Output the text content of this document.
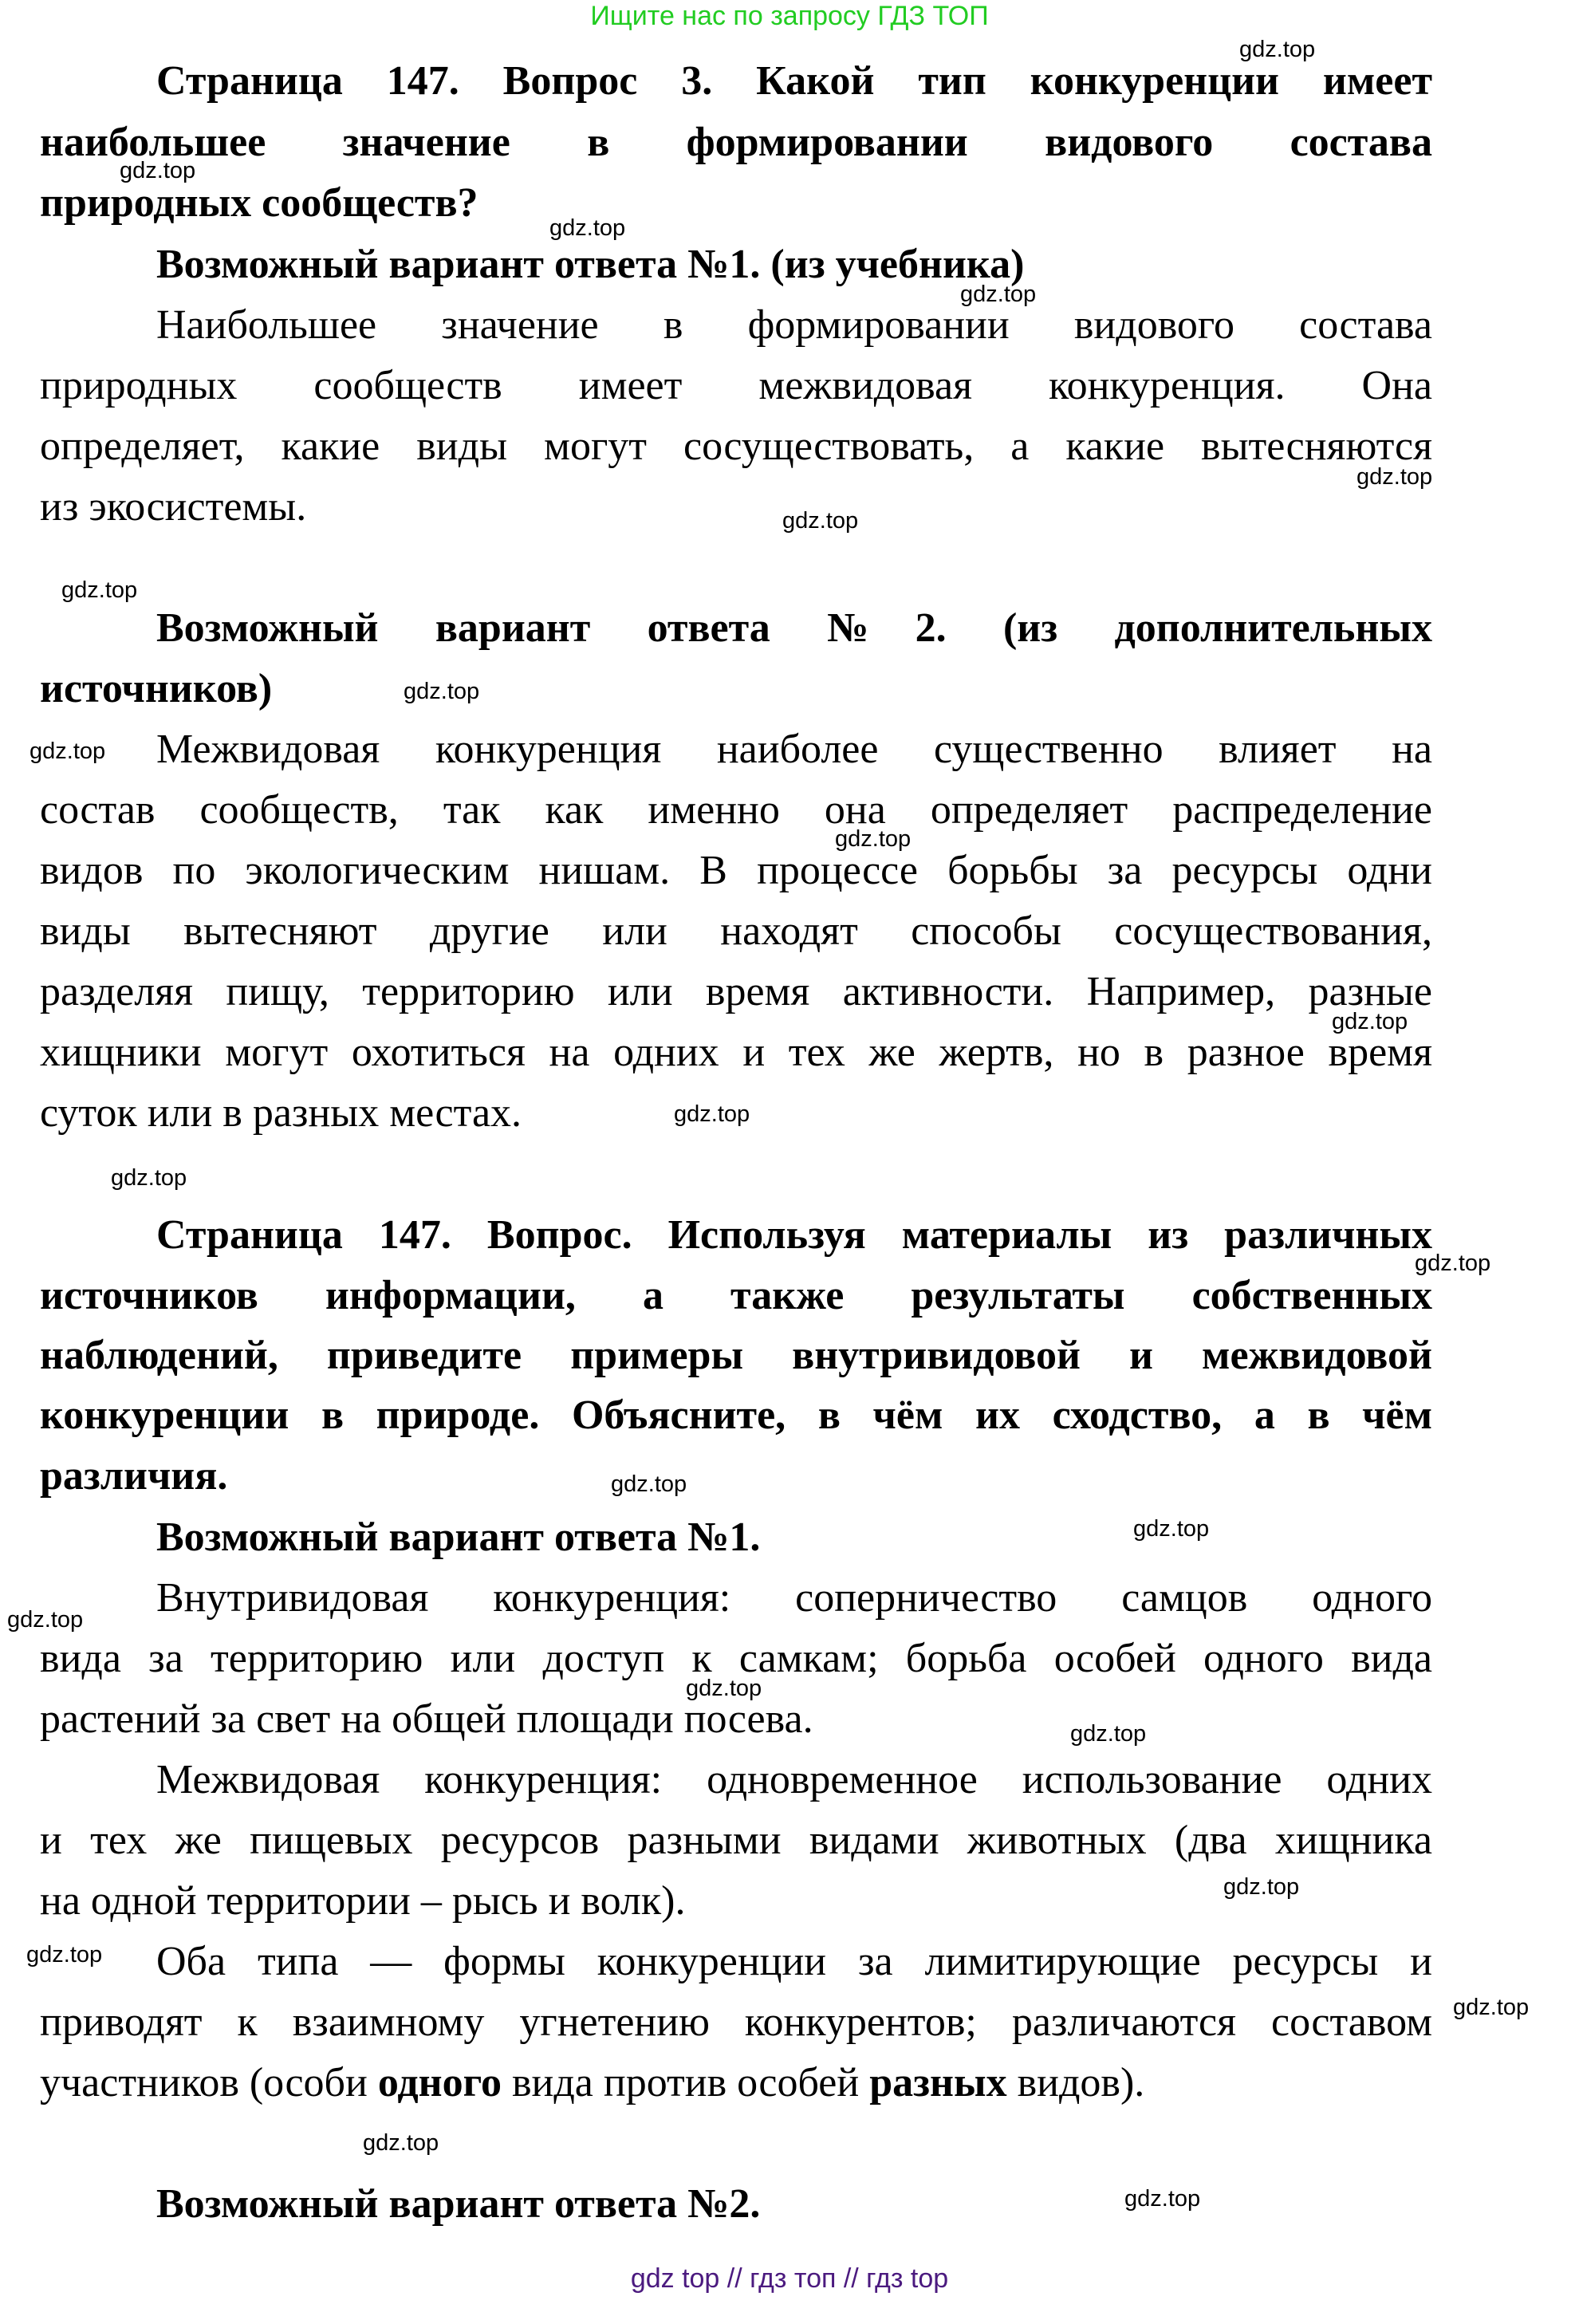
Ищите нас по запросу ГДЗ ТОП
Страница 147. Вопрос 3. Какой тип конкуренции имеет
наибольшее значение в формировании видового состава
природных сообществ?
Возможный вариант ответа №1. (из учебника)
Наибольшее значение в формировании видового состава
природных сообществ имеет межвидовая конкуренция. Она
определяет, какие виды могут сосуществовать, а какие вытесняются
из экосистемы.
Возможный вариант ответа №2. (из дополнительных
источников)
Межвидовая конкуренция наиболее существенно влияет на
состав сообществ, так как именно она определяет распределение
видов по экологическим нишам. В процессе борьбы за ресурсы одни
виды вытесняют другие или находят способы сосуществования,
разделяя пищу, территорию или время активности. Например, разные
хищники могут охотиться на одних и тех же жертв, но в разное время
суток или в разных местах.
Страница 147. Вопрос. Используя материалы из различных
источников информации, а также результаты собственных
наблюдений, приведите примеры внутривидовой и межвидовой
конкуренции в природе. Объясните, в чём их сходство, а в чём
различия.
Возможный вариант ответа №1.
Внутривидовая конкуренция: соперничество самцов одного
вида за территорию или доступ к самкам; борьба особей одного вида
растений за свет на общей площади посева.
Межвидовая конкуренция: одновременное использование одних
и тех же пищевых ресурсов разными видами животных (два хищника
на одной территории – рысь и волк).
Оба типа — формы конкуренции за лимитирующие ресурсы и
приводят к взаимному угнетению конкурентов; различаются составом
участников (особи одного вида против особей разных видов).
Возможный вариант ответа №2.
gdz.top
gdz.top
gdz.top
gdz.top
gdz.top
gdz.top
gdz.top
gdz.top
gdz.top
gdz.top
gdz.top
gdz.top
gdz.top
gdz.top
gdz.top
gdz.top
gdz.top
gdz.top
gdz.top
gdz.top
gdz.top
gdz.top
gdz.top
gdz.top
gdz top // гдз топ // гдз top
